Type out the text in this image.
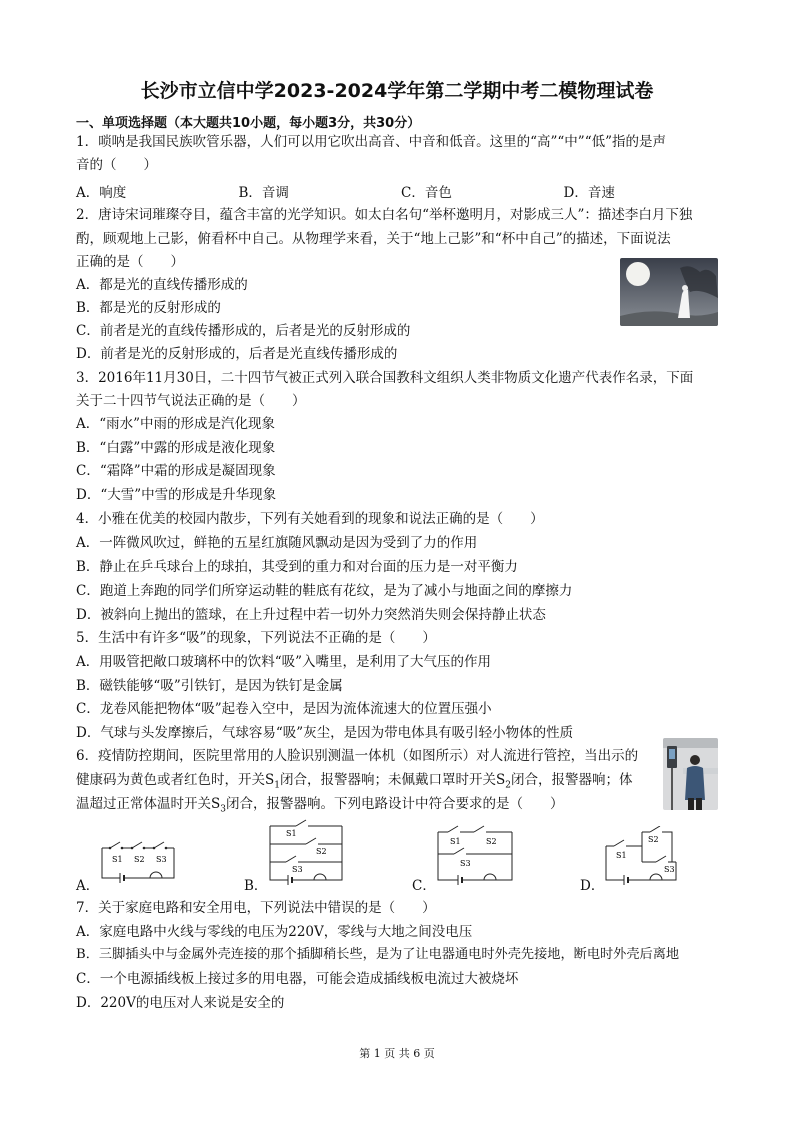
长沙市立信中学2023-2024学年第二学期中考二模物理试卷
一、单项选择题（本大题共10小题，每小题3分，共30分）
1．唢呐是我国民族吹管乐器，人们可以用它吹出高音、中音和低音。这里的“高”“中”“低”指的是声
音的（　　）
A．响度	B．音调	C．音色	D．音速
2．唐诗宋词璀璨夺目，蕴含丰富的光学知识。如太白名句“举杯邀明月，对影成三人”：描述李白月下独
酌，顾观地上己影，俯看杯中自己。从物理学来看，关于“地上己影”和“杯中自己”的描述，下面说法
正确的是（　　）
A．都是光的直线传播形成的
B．都是光的反射形成的
C．前者是光的直线传播形成的，后者是光的反射形成的
D．前者是光的反射形成的，后者是光直线传播形成的
3．2016年11月30日，二十四节气被正式列入联合国教科文组织人类非物质文化遗产代表作名录，下面
关于二十四节气说法正确的是（　　）
A．“雨水”中雨的形成是汽化现象
B．“白露”中露的形成是液化现象
C．“霜降”中霜的形成是凝固现象
D．“大雪”中雪的形成是升华现象
4．小雅在优美的校园内散步，下列有关她看到的现象和说法正确的是（　　）
A．一阵微风吹过，鲜艳的五星红旗随风飘动是因为受到了力的作用
B．静止在乒乓球台上的球拍，其受到的重力和对台面的压力是一对平衡力
C．跑道上奔跑的同学们所穿运动鞋的鞋底有花纹，是为了减小与地面之间的摩擦力
D．被斜向上抛出的篮球，在上升过程中若一切外力突然消失则会保持静止状态
5．生活中有许多“吸”的现象，下列说法不正确的是（　　）
A．用吸管把敞口玻璃杯中的饮料“吸”入嘴里，是利用了大气压的作用
B．磁铁能够“吸”引铁钉，是因为铁钉是金属
C．龙卷风能把物体“吸”起卷入空中，是因为流体流速大的位置压强小
D．气球与头发摩擦后，气球容易“吸”灰尘，是因为带电体具有吸引轻小物体的性质
6．疫情防控期间，医院里常用的人脸识别测温一体机（如图所示）对人流进行管控，当出示的
健康码为黄色或者红色时，开关$S_1$闭合，报警器响；未佩戴口罩时开关$S_2$闭合，报警器响；体
温超过正常体温时开关$S_3$闭合，报警器响。下列电路设计中符合要求的是（　　）
A．
S1 S2 S3
B．
S1
S2
S3
C．
S1	S2
S3
D．
S1
S2
S3
7．关于家庭电路和安全用电，下列说法中错误的是（　　）
A．家庭电路中火线与零线的电压为220V，零线与大地之间没电压
B．三脚插头中与金属外壳连接的那个插脚稍长些，是为了让电器通电时外壳先接地，断电时外壳后离地
C．一个电源插线板上接过多的用电器，可能会造成插线板电流过大被烧坏
D．220V的电压对人来说是安全的
第 1 页 共 6 页
